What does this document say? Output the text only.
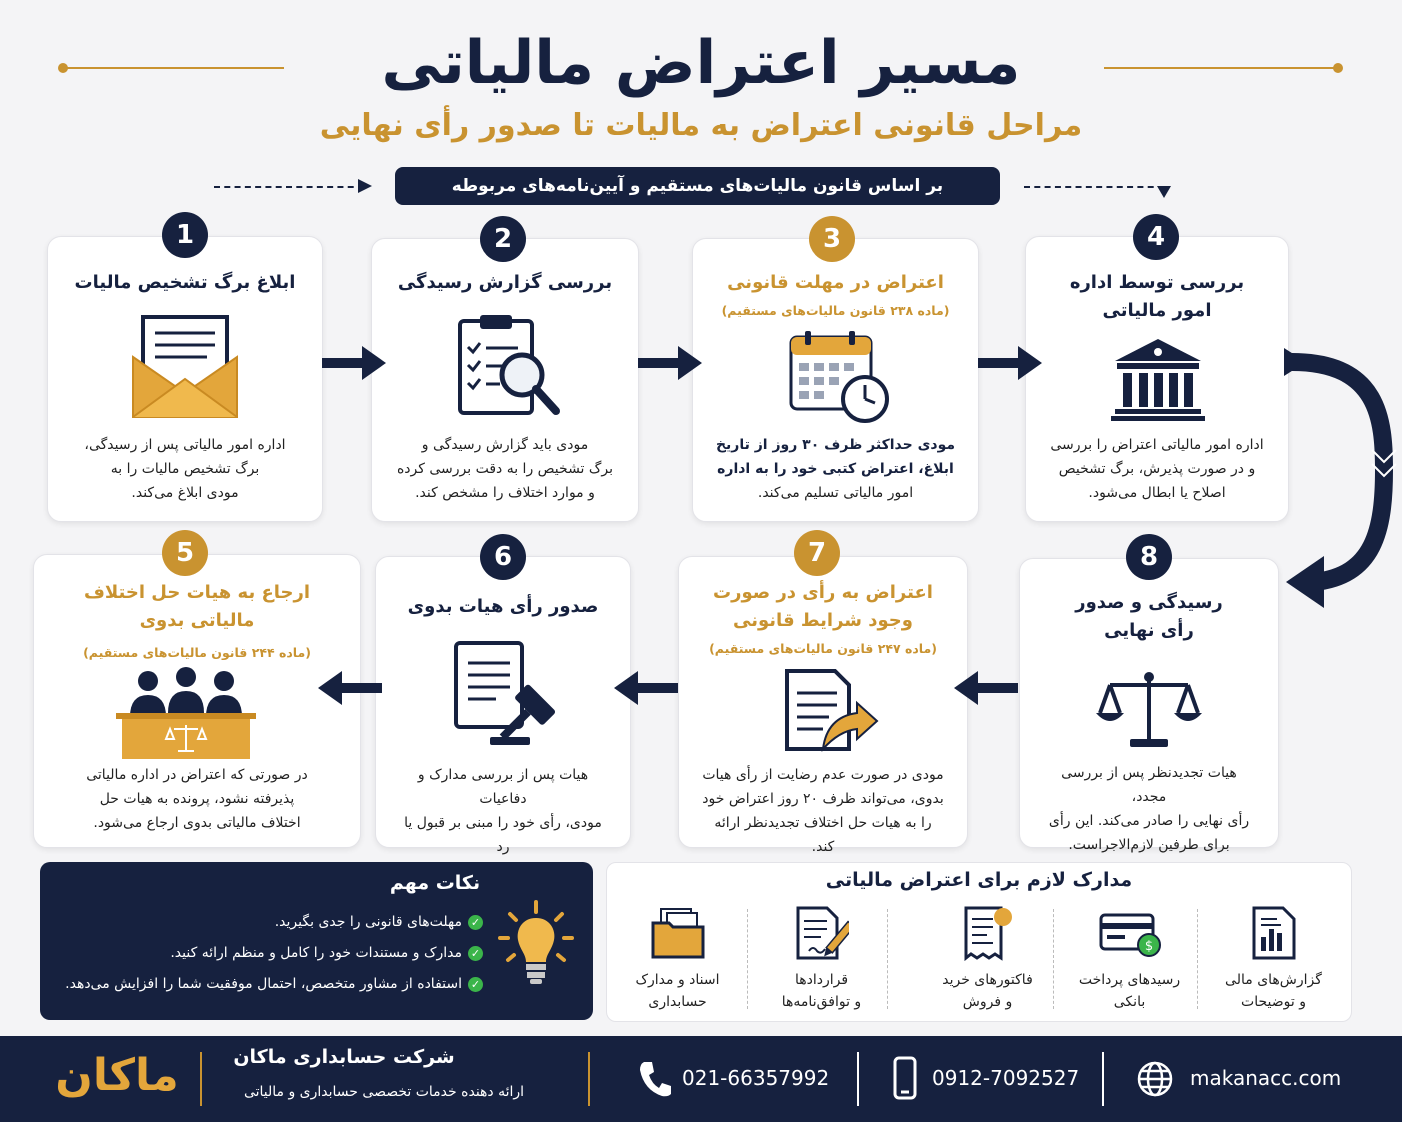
مسیر اعتراض مالیاتی
مراحل قانونی اعتراض به مالیات تا صدور رأی نهایی
بر اساس قانون مالیات‌های مستقیم و آیین‌نامه‌های مربوطه
ابلاغ برگ تشخیص مالیات
اداره امور مالیاتی پس از رسیدگی،
برگ تشخیص مالیات را به
مودی ابلاغ می‌کند.
1
بررسی گزارش رسیدگی
مودی باید گزارش رسیدگی و
برگ تشخیص را به دقت بررسی کرده
و موارد اختلاف را مشخص کند.
2
اعتراض در مهلت قانونی
(ماده ۲۳۸ قانون مالیات‌های مستقیم)
مودی حداکثر ظرف ۳۰ روز از تاریخ
ابلاغ، اعتراض کتبی خود را به اداره
امور مالیاتی تسلیم می‌کند.
3
بررسی توسط اداره
امور مالیاتی
اداره امور مالیاتی اعتراض را بررسی
و در صورت پذیرش، برگ تشخیص
اصلاح یا ابطال می‌شود.
4
ارجاع به هیات حل اختلاف
مالیاتی بدوی
(ماده ۲۴۴ قانون مالیات‌های مستقیم)
در صورتی که اعتراض در اداره مالیاتی
پذیرفته نشود، پرونده به هیات حل
اختلاف مالیاتی بدوی ارجاع می‌شود.
5
صدور رأی هیات بدوی
هیات پس از بررسی مدارک و دفاعیات
مودی، رأی خود را مبنی بر قبول یا رد
6
اعتراض به رأی در صورت
وجود شرایط قانونی
(ماده ۲۴۷ قانون مالیات‌های مستقیم)
مودی در صورت عدم رضایت از رأی هیات
بدوی، می‌تواند ظرف ۲۰ روز اعتراض خود
را به هیات حل اختلاف تجدیدنظر ارائه کند.
7
رسیدگی و صدور
رأی نهایی
هیات تجدیدنظر پس از بررسی مجدد،
رأی نهایی را صادر می‌کند. این رأی
برای طرفین لازم‌الاجراست.
8
نکات مهم
✓مهلت‌های قانونی را جدی بگیرید.
✓مدارک و مستندات خود را کامل و منظم ارائه کنید.
✓استفاده از مشاور متخصص، احتمال موفقیت شما را افزایش می‌دهد.
مدارک لازم برای اعتراض مالیاتی
گزارش‌های مالی
و توضیحات
$
رسیدهای پرداخت
بانکی
فاکتورهای خرید
و فروش
قراردادها
و توافق‌نامه‌ها
اسناد و مدارک
حسابداری
ماکان	شرکت حسابداری ماکان
ارائه دهنده خدمات تخصصی حسابداری و مالیاتی
021-66357992	0912-7092527	makanacc.com
